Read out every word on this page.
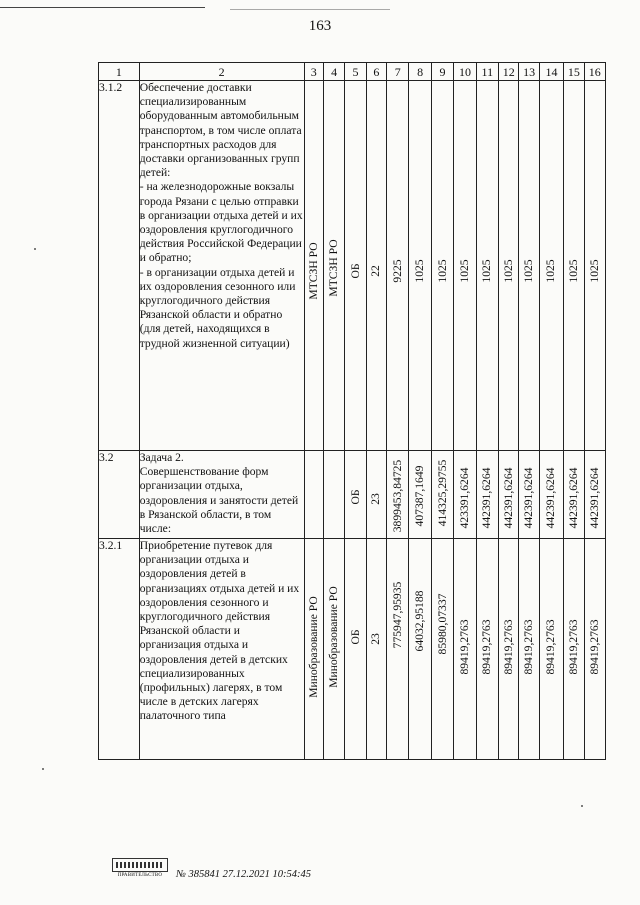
163
1	2	3	4	5	6	7	8	9	10	11	12	13	14	15	16
3.1.2	Обеспечение доставки специализированным оборудованным автомобильным транспортом, в том числе оплата транспортных расходов для доставки организованных групп детей:
- на железнодорожные вокзалы города Рязани с целью отправки в организации отдыха детей и их оздоровления круглогодичного действия Российской Федерации и обратно;
- в организации отдыха детей и их оздоровления сезонного или круглогодичного действия Рязанской области и обратно (для детей, находящихся в трудной жизненной ситуации)	МТСЗН РО	МТСЗН РО	ОБ	22	9225	1025	1025	1025	1025	1025	1025	1025	1025	1025

3.2	Задача 2.
Совершенствование форм организации отдыха, оздоровления и занятости детей в Рязанской области, в том числе:			ОБ	23	3899453,84725	407387,1649	414325,29755	423391,6264	442391,6264	442391,6264	442391,6264	442391,6264	442391,6264	442391,6264

3.2.1	Приобретение путевок для организации отдыха и оздоровления детей в организациях отдыха детей и их оздоровления сезонного и круглогодичного действия Рязанской области и организация отдыха и оздоровления детей в детских специализированных (профильных) лагерях, в том числе в детских лагерях палаточного типа	Минобразование РО	Минобразование РО	ОБ	23	775947,95935	64032,95188	85980,07337	89419,2763	89419,2763	89419,2763	89419,2763	89419,2763	89419,2763	89419,2763
ПРАВИТЕЛЬСТВО	№ 385841 27.12.2021 10:54:45
